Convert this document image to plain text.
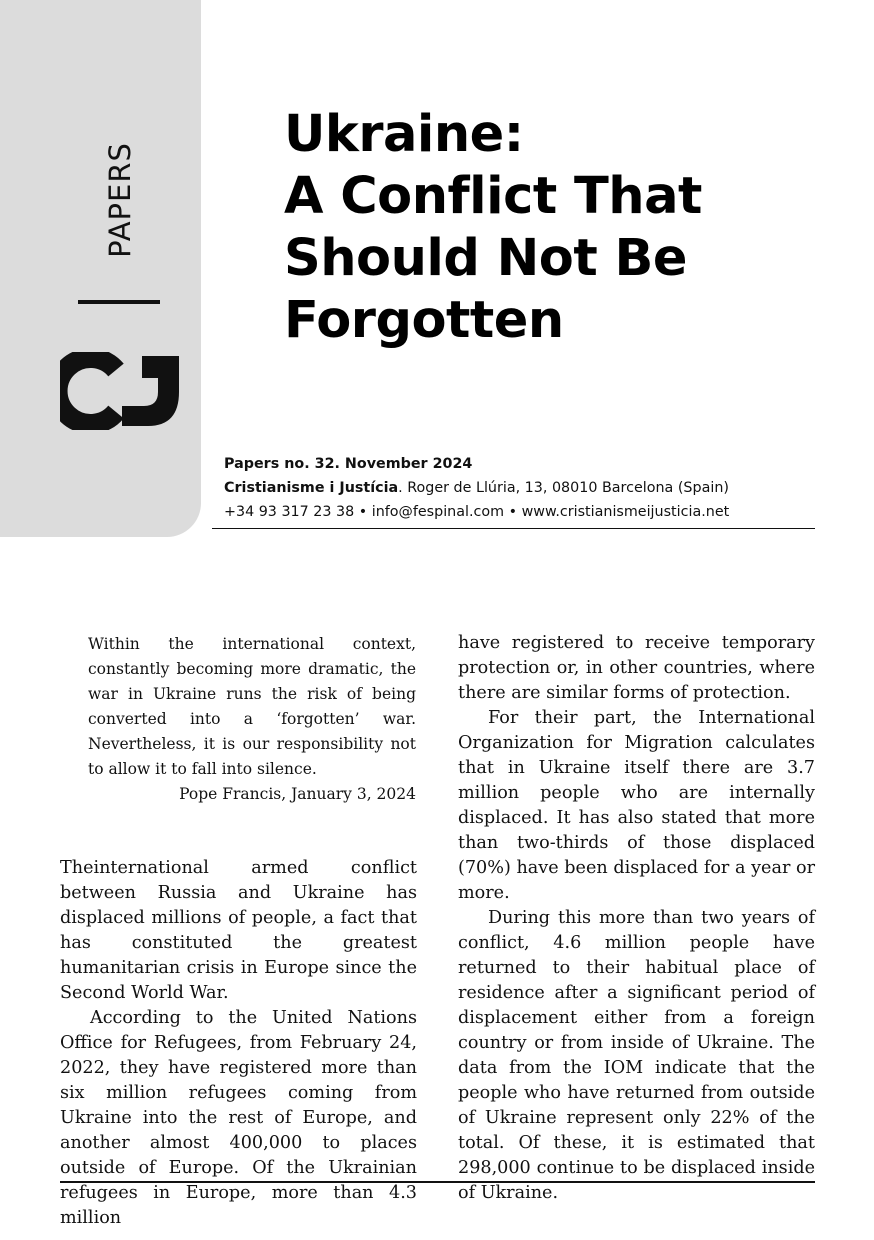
PAPERS
Ukraine:
A Conflict That
Should Not Be
Forgotten
Papers no. 32. November 2024
Cristianisme i Justícia. Roger de Llúria, 13, 08010 Barcelona (Spain)
+34 93 317 23 38 • info@fespinal.com • www.cristianismeijusticia.net

Within the international context, constantly becoming more dramatic, the war in Ukraine runs the risk of being converted into a ‘forgotten’ war. Nevertheless, it is our responsibility not to allow it to fall into silence.

Pope Francis, January 3, 2024

Theinternational armed conflict between Russia and Ukraine has displaced millions of people, a fact that has constituted the greatest humanitarian crisis in Europe since the Second World War.

According to the United Nations Office for Refugees, from February 24, 2022, they have registered more than six million refugees coming from Ukraine into the rest of Europe, and another almost 400,000 to places outside of Europe. Of the Ukrainian refugees in Europe, more than 4.3 million

have registered to receive temporary protection or, in other countries, where there are similar forms of protection.

For their part, the International Organization for Migration calculates that in Ukraine itself there are 3.7 million people who are internally displaced. It has also stated that more than two-thirds of those displaced (70%) have been displaced for a year or more.

During this more than two years of conflict, 4.6 million people have returned to their habitual place of residence after a significant period of displacement either from a foreign country or from inside of Ukraine. The data from the IOM indicate that the people who have returned from outside of Ukraine represent only 22% of the total. Of these, it is estimated that 298,000 continue to be displaced inside of Ukraine.
